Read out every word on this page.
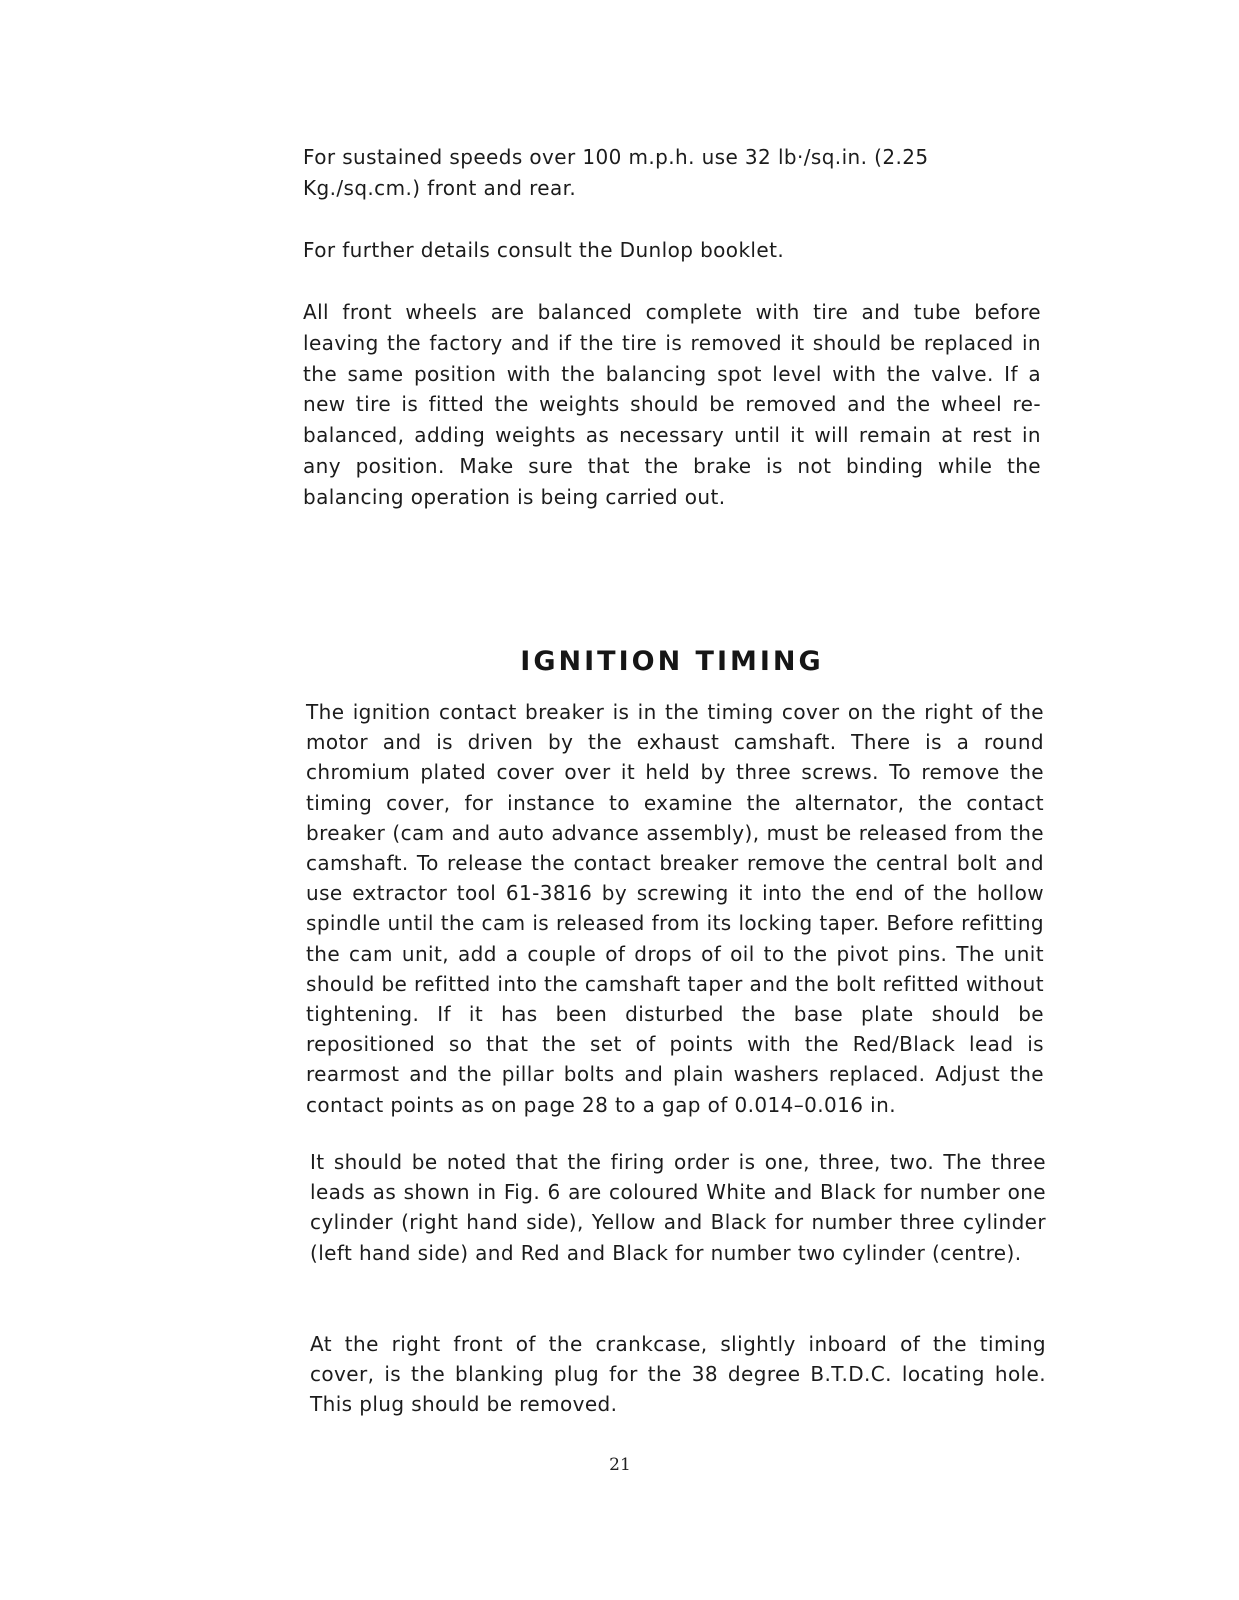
For sustained speeds over 100 m.p.h. use 32 lb·/sq.in. (2.25 Kg./sq.cm.) front and rear.

For further details consult the Dunlop booklet.

All front wheels are balanced complete with tire and tube before leaving the factory and if the tire is removed it should be replaced in the same position with the balancing spot level with the valve. If a new tire is fitted the weights should be removed and the wheel re-balanced, adding weights as necessary until it will remain at rest in any position. Make sure that the brake is not binding while the balancing operation is being carried out.

IGNITION TIMING

The ignition contact breaker is in the timing cover on the right of the motor and is driven by the exhaust camshaft. There is a round chromium plated cover over it held by three screws. To remove the timing cover, for instance to examine the alternator, the contact breaker (cam and auto advance assembly), must be released from the camshaft. To release the contact breaker remove the central bolt and use extractor tool 61-3816 by screwing it into the end of the hollow spindle until the cam is released from its locking taper. Before refitting the cam unit, add a couple of drops of oil to the pivot pins. The unit should be refitted into the camshaft taper and the bolt refitted without tightening. If it has been disturbed the base plate should be repositioned so that the set of points with the Red/Black lead is rearmost and the pillar bolts and plain washers replaced. Adjust the contact points as on page 28 to a gap of 0.014–0.016 in.

It should be noted that the firing order is one, three, two. The three leads as shown in Fig. 6 are coloured White and Black for number one cylinder (right hand side), Yellow and Black for number three cylinder (left hand side) and Red and Black for number two cylinder (centre).

At the right front of the crankcase, slightly inboard of the timing cover, is the blanking plug for the 38 degree B.T.D.C. locating hole. This plug should be removed.

21
